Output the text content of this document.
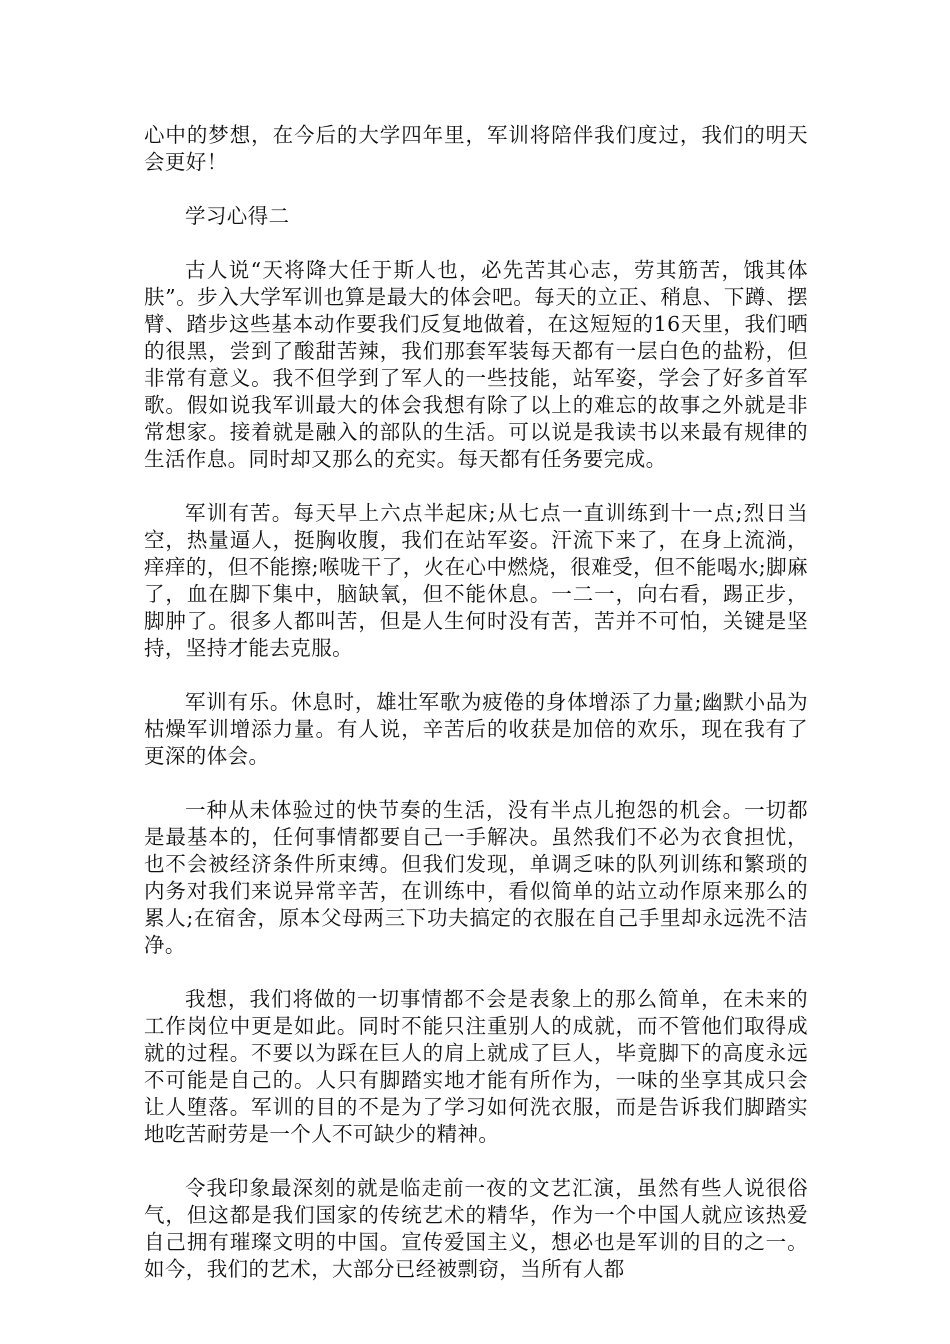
心中的梦想，在今后的大学四年里，军训将陪伴我们度过，我们的明天会更好！

学习心得二

古人说“天将降大任于斯人也，必先苦其心志，劳其筋苦，饿其体肤”。步入大学军训也算是最大的体会吧。每天的立正、稍息、下蹲、摆臂、踏步这些基本动作要我们反复地做着，在这短短的16天里，我们晒的很黑，尝到了酸甜苦辣，我们那套军装每天都有一层白色的盐粉，但非常有意义。我不但学到了军人的一些技能，站军姿，学会了好多首军歌。假如说我军训最大的体会我想有除了以上的难忘的故事之外就是非常想家。接着就是融入的部队的生活。可以说是我读书以来最有规律的生活作息。同时却又那么的充实。每天都有任务要完成。

军训有苦。每天早上六点半起床;从七点一直训练到十一点;烈日当空，热量逼人，挺胸收腹，我们在站军姿。汗流下来了，在身上流淌，痒痒的，但不能擦;喉咙干了，火在心中燃烧，很难受，但不能喝水;脚麻了，血在脚下集中，脑缺氧，但不能休息。一二一，向右看，踢正步，脚肿了。很多人都叫苦，但是人生何时没有苦，苦并不可怕，关键是坚持，坚持才能去克服。

军训有乐。休息时，雄壮军歌为疲倦的身体增添了力量;幽默小品为枯燥军训增添力量。有人说，辛苦后的收获是加倍的欢乐，现在我有了更深的体会。

一种从未体验过的快节奏的生活，没有半点儿抱怨的机会。一切都是最基本的，任何事情都要自己一手解决。虽然我们不必为衣食担忧，也不会被经济条件所束缚。但我们发现，单调乏味的队列训练和繁琐的内务对我们来说异常辛苦，在训练中，看似简单的站立动作原来那么的累人;在宿舍，原本父母两三下功夫搞定的衣服在自己手里却永远洗不洁净。

我想，我们将做的一切事情都不会是表象上的那么简单，在未来的工作岗位中更是如此。同时不能只注重别人的成就，而不管他们取得成就的过程。不要以为踩在巨人的肩上就成了巨人，毕竟脚下的高度永远不可能是自己的。人只有脚踏实地才能有所作为，一味的坐享其成只会让人堕落。军训的目的不是为了学习如何洗衣服，而是告诉我们脚踏实地吃苦耐劳是一个人不可缺少的精神。

令我印象最深刻的就是临走前一夜的文艺汇演，虽然有些人说很俗气，但这都是我们国家的传统艺术的精华，作为一个中国人就应该热爱自己拥有璀璨文明的中国。宣传爱国主义，想必也是军训的目的之一。如今，我们的艺术，大部分已经被剽窃，当所有人都
